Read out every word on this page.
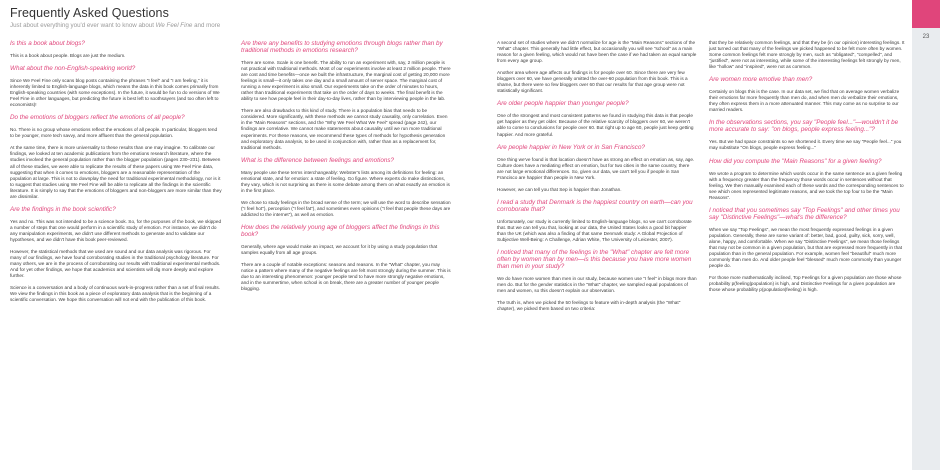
Frequently Asked Questions
Just about everything you'd ever want to know about We Feel Fine and more
23
Is this a book about blogs?
This is a book about people. Blogs are just the medium.
What about the non-English-speaking world?
Since We Feel Fine only scans blog posts containing the phrases "I feel" and "I am feeling," it is inherently limited to English-language blogs, which means the data in this book comes primarily from English-speaking countries (with some exceptions). In the future, it would be fun to do versions of We Feel Fine in other languages, but predicting the future is best left to soothsayers (and too often left to economists)!
Do the emotions of bloggers reflect the emotions of all people?
No. There is no group whose emotions reflect the emotions of all people. In particular, bloggers tend to be younger, more tech savvy, and more affluent than the general population.
At the same time, there is more universality to these results than one may imagine. To calibrate our findings, we looked at ten academic publications from the emotions research literature, where the studies involved the general population rather than the blogger population (pages 230–231). Between all of these studies, we were able to replicate the results of these papers using We Feel Fine data, suggesting that when it comes to emotions, bloggers are a reasonable representation of the population at large. This is not to downplay the need for traditional experimental methodology, nor is it to suggest that studies using We Feel Fine will be able to replicate all the findings in the scientific literature. It is simply to say that the emotions of bloggers and non-bloggers are more similar than they are dissimilar.
Are the findings in the book scientific?
Yes and no. This was not intended to be a science book. So, for the purposes of the book, we skipped a number of steps that one would perform in a scientific study of emotion. For instance, we didn't do any manipulation experiments, we didn't use different methods to generate and to validate our hypotheses, and we didn't have this book peer-reviewed.
However, the statistical methods that we used are sound and our data analysis was rigorous. For many of our findings, we have found corroborating studies in the traditional psychology literature. For many others, we are in the process of corroborating our results with traditional experimental methods. And for yet other findings, we hope that academics and scientists will dig more deeply and explore further.
Science is a conversation and a body of continuous work-in-progress rather than a set of final results. We view the findings in this book as a piece of exploratory data analysis that is the beginning of a scientific conversation. We hope this conversation will not end with the publication of this book.
Are there any benefits to studying emotions through blogs rather than by traditional methods in emotions research?
There are some. Scale is one benefit. The ability to run an experiment with, say, 2 million people is not practical with traditional methods. Most of our experiments involve at least 2 million people. There are cost and time benefits—once we built the infrastructure, the marginal cost of getting 20,000 more feelings is small—it only takes one day and a small amount of server space. The marginal cost of running a new experiment is also small. Our experiments take on the order of minutes to hours, rather than traditional experiments that take on the order of days to weeks. The final benefit is the ability to see how people feel in their day-to-day lives, rather than by interviewing people in the lab.
There are also drawbacks to this kind of study. There is a population bias that needs to be considered. More significantly, with these methods we cannot study causality, only correlation. Even in the "Main Reasons" sections, and the "Why We Feel What We Feel" spread (page 242), our findings are correlative. We cannot make statements about causality until we run more traditional experiments. For these reasons, we recommend these types of methods for hypothesis generation and exploratory data analysis, to be used in conjunction with, rather than as a replacement for, traditional methods.
What is the difference between feelings and emotions?
Many people use these terms interchangeably: Webster's lists among its definitions for feeling: an emotional state, and for emotion: a state of feeling. Go figure. Where experts do make distinctions, they vary, which is not surprising as there is some debate among them on what exactly an emotion is in the first place.
We chose to study feelings in the broad sense of the term; we will use the word to describe sensation ("I feel hot"), perception ("I feel fat"), and sometimes even opinions ("I feel that people these days are addicted to the internet"), as well as emotion.
How does the relatively young age of bloggers affect the findings in this book?
Generally, where age would make an impact, we account for it by using a study population that samples equally from all age groups.
There are a couple of notable exceptions: seasons and reasons. In the "What" chapter, you may notice a pattern where many of the negative feelings are felt most strongly during the summer. This is due to an interesting phenomenon: younger people tend to have more strongly negative emotions, and in the summertime, when school is on break, there are a greater number of younger people blogging.
A second set of studies where we didn't normalize for age is the "Main Reasons" sections of the "What" chapter. This generally had little effect, but occasionally you will see "school" as a main reason for a given feeling, which would not have been the case if we had taken an equal sample from every age group.
Another area where age affects our findings is for people over 60. Since there are very few bloggers over 60, we have generally omitted the over-60 population from this book. This is a shame, but there were so few bloggers over 60 that our results for that age group were not statistically significant.
Are older people happier than younger people?
One of the strongest and most consistent patterns we found in studying this data is that people get happier as they get older. Because of the relative scarcity of bloggers over 60, we weren't able to come to conclusions for people over 60. But right up to age 60, people just keep getting happier. And more grateful.
Are people happier in New York or in San Francisco?
One thing we've found is that location doesn't have as strong an effect on emotion as, say, age. Culture does have a mediating effect on emotion, but for two cities in the same country, there are not large emotional differences. So, given our data, we can't tell you if people in San Francisco are happier than people in New York.
However, we can tell you that Sep is happier than Jonathan.
I read a study that Denmark is the happiest country on earth—can you corroborate that?
Unfortunately, our study is currently limited to English-language blogs, so we can't corroborate that. But we can tell you that, looking at our data, the United States looks a good bit happier than the UK (which was also a finding of that same Denmark study: A Global Projection of Subjective Well-Being: A Challenge, Adrian White, The University of Leicester, 2007).
I noticed that many of the feelings in the "What" chapter are felt more often by women than by men—is this because you have more women than men in your study?
We do have more women than men in our study, because women use "I feel" in blogs more than men do. But for the gender statistics in the "What" chapter, we sampled equal populations of men and women, so this doesn't explain our observation.
The truth is, when we picked the 50 feelings to feature with in-depth analysis (the "What" chapter), we picked them based on two criteria:
that they be relatively common feelings, and that they be (in our opinion) interesting feelings. It just turned out that many of the feelings we picked happened to be felt more often by women. Some common feelings felt more strongly by men, such as "obligated", "compelled", and "justified", were not as interesting, while some of the interesting feelings felt strongly by men, like "hollow" and "inspired", were not as common.
Are women more emotive than men?
Certainly on blogs this is the case. In our data set, we find that on average women verbalize their emotions far more frequently than men do, and when men do verbalize their emotions, they often express them in a more attenuated manner. This may come as no surprise to our married readers.
In the observations sections, you say "People feel..."—wouldn't it be more accurate to say: "on blogs, people express feeling..."?
Yes. But we had space constraints so we shortened it. Every time we say "People feel..." you may substitute "On blogs, people express feeling..."
How did you compute the "Main Reasons" for a given feeling?
We wrote a program to determine which words occur in the same sentence as a given feeling with a frequency greater than the frequency those words occur in sentences without that feeling. We then manually examined each of these words and the corresponding sentences to see which ones represented legitimate reasons, and we took the top four to be the "Main Reasons".
I noticed that you sometimes say "Top Feelings" and other times you say "Distinctive Feelings"—what's the difference?
When we say "Top Feelings", we mean the most frequently expressed feelings in a given population. Generally, these are some variant of: better, bad, good, guilty, sick, sorry, well, alone, happy, and comfortable. When we say "Distinctive Feelings", we mean those feelings that may not be common in a given population, but that are expressed more frequently in that population than in the general population. For example, women feel "beautiful" much more commonly than men do. And older people feel "blessed" much more commonly than younger people do.
For those more mathematically inclined, Top Feelings for a given population are those whose probability p(feeling|population) is high, and Distinctive Feelings for a given population are those whose probability p(population|feeling) is high.
